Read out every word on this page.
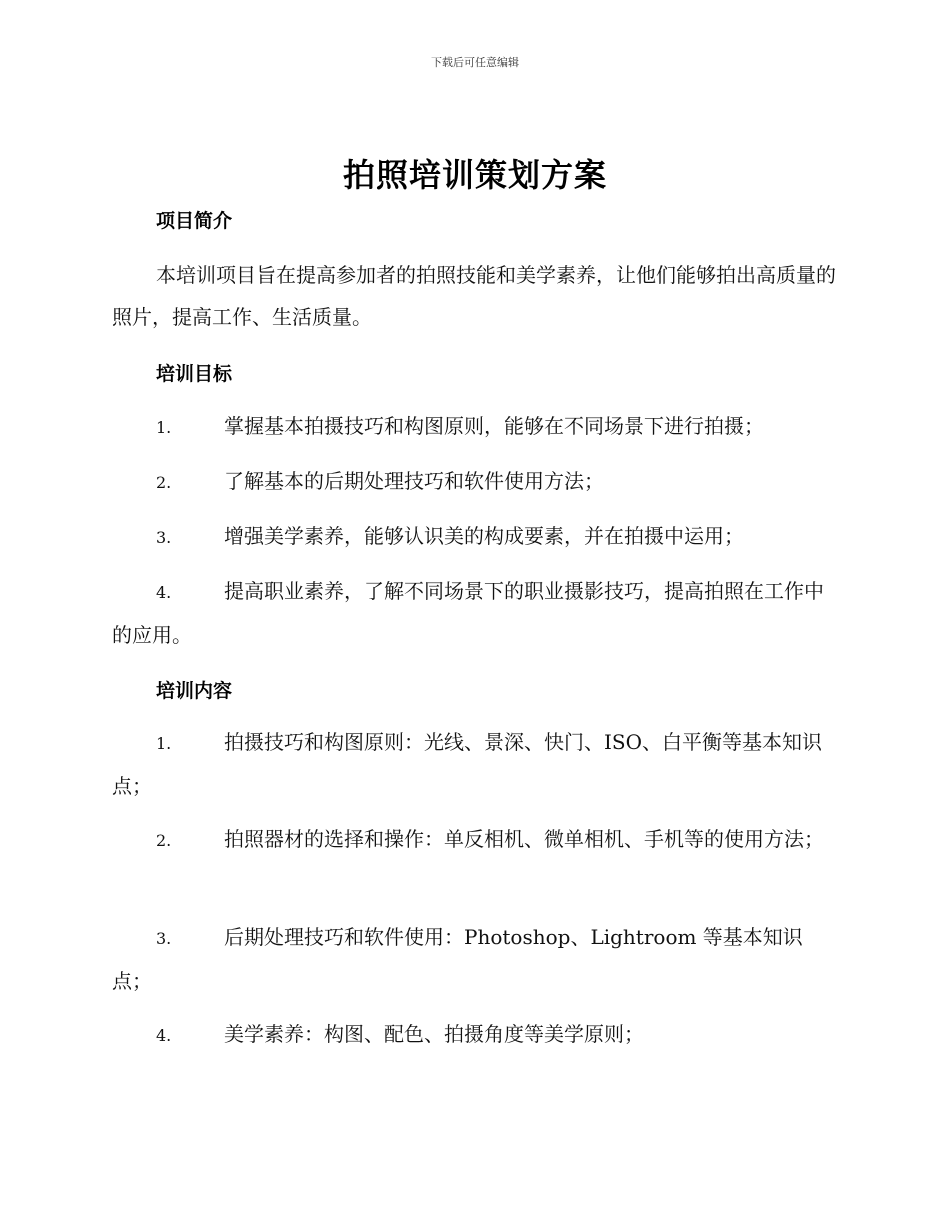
下载后可任意编辑
拍照培训策划方案
项目简介

本培训项目旨在提高参加者的拍照技能和美学素养，让他们能够拍出高质量的照片，提高工作、生活质量。

培训目标

1.	掌握基本拍摄技巧和构图原则，能够在不同场景下进行拍摄；

2.	了解基本的后期处理技巧和软件使用方法；

3.	增强美学素养，能够认识美的构成要素，并在拍摄中运用；

4.	提高职业素养，了解不同场景下的职业摄影技巧，提高拍照在工作中的应用。

培训内容

1.	拍摄技巧和构图原则：光线、景深、快门、ISO、白平衡等基本知识点；

2.	拍照器材的选择和操作：单反相机、微单相机、手机等的使用方法；

3.	后期处理技巧和软件使用：Photoshop、Lightroom 等基本知识点；

4.	美学素养：构图、配色、拍摄角度等美学原则；
